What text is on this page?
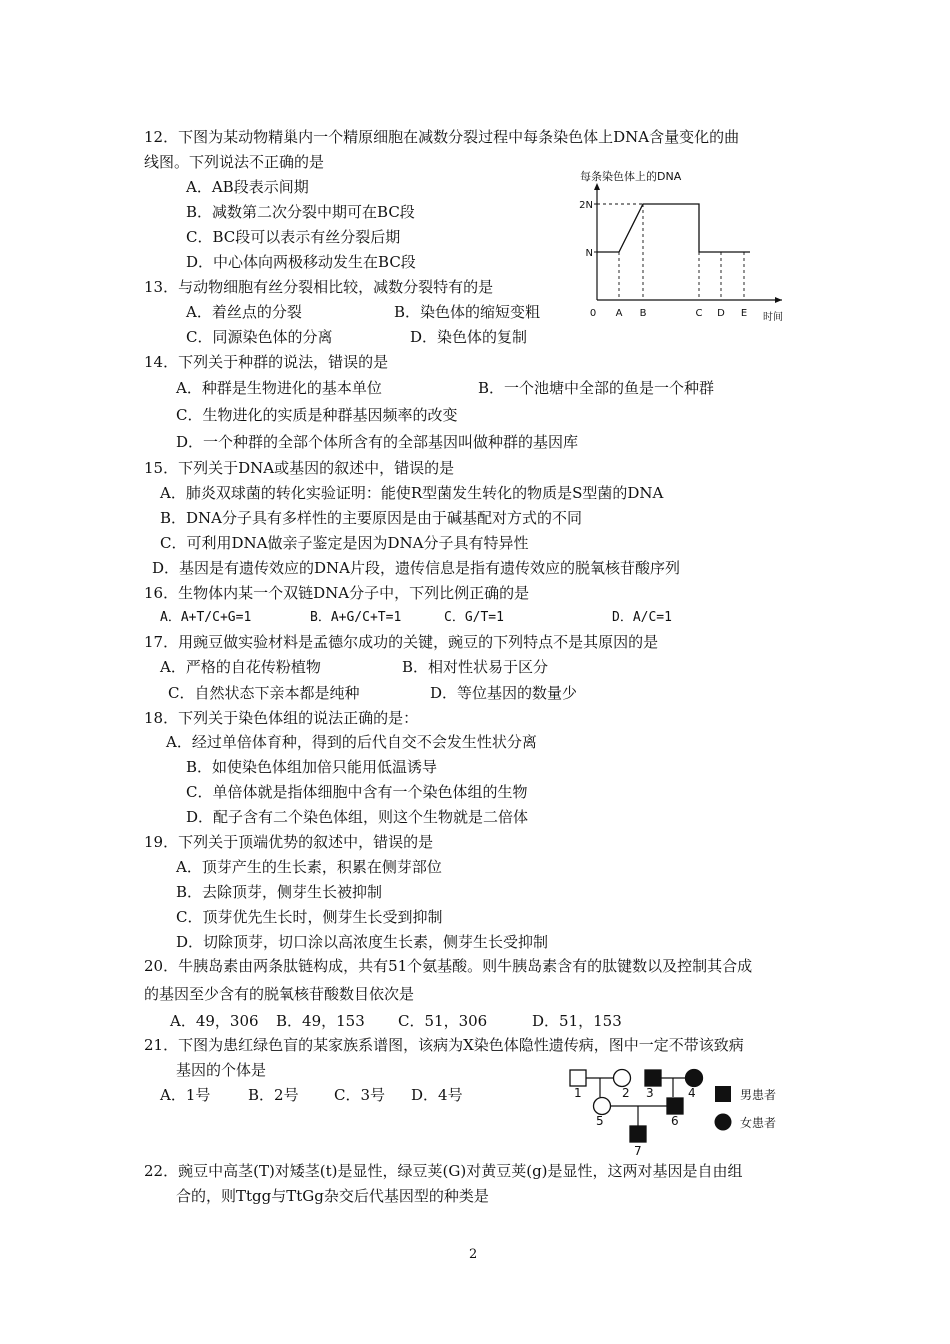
12．下图为某动物精巢内一个精原细胞在减数分裂过程中每条染色体上DNA含量变化的曲
线图。下列说法不正确的是
A．AB段表示间期
B．减数第二次分裂中期可在BC段
C．BC段可以表示有丝分裂后期
D．中心体向两极移动发生在BC段
每条染色体上的DNA
N
2N
0 A B	C D E 时间
13．与动物细胞有丝分裂相比较，减数分裂特有的是
A．着丝点的分裂	B．染色体的缩短变粗
C．同源染色体的分离	D．染色体的复制
14．下列关于种群的说法，错误的是
A．种群是生物进化的基本单位	B．一个池塘中全部的鱼是一个种群
C．生物进化的实质是种群基因频率的改变
D．一个种群的全部个体所含有的全部基因叫做种群的基因库
15．下列关于DNA或基因的叙述中，错误的是
A．肺炎双球菌的转化实验证明：能使R型菌发生转化的物质是S型菌的DNA
B．DNA分子具有多样性的主要原因是由于碱基配对方式的不同
C．可利用DNA做亲子鉴定是因为DNA分子具有特异性
D．基因是有遗传效应的DNA片段，遗传信息是指有遗传效应的脱氧核苷酸序列
16．生物体内某一个双链DNA分子中，下列比例正确的是
A．A+T/C+G=1	B．A+G/C+T=1	C．G/T=1	D．A/C=1
17．用豌豆做实验材料是孟德尔成功的关键，豌豆的下列特点不是其原因的是
A．严格的自花传粉植物	B．相对性状易于区分
C．自然状态下亲本都是纯种	D．等位基因的数量少
18．下列关于染色体组的说法正确的是：
A．经过单倍体育种，得到的后代自交不会发生性状分离
B．如使染色体组加倍只能用低温诱导
C．单倍体就是指体细胞中含有一个染色体组的生物
D．配子含有二个染色体组，则这个生物就是二倍体
19．下列关于顶端优势的叙述中，错误的是
A．顶芽产生的生长素，积累在侧芽部位
B．去除顶芽，侧芽生长被抑制
C．顶芽优先生长时，侧芽生长受到抑制
D．切除顶芽，切口涂以高浓度生长素，侧芽生长受抑制
20．牛胰岛素由两条肽链构成，共有51个氨基酸。则牛胰岛素含有的肽键数以及控制其合成
的基因至少含有的脱氧核苷酸数目依次是
A．49，306 B．49，153 C．51，306	D．51，153
21．下图为患红绿色盲的某家族系谱图，该病为X染色体隐性遗传病，图中一定不带该致病
基因的个体是
A．1号	B．2号 C．3号 D．4号	1	2 3	4
5	6
7
男患者
女患者
22．豌豆中高茎(T)对矮茎(t)是显性，绿豆荚(G)对黄豆荚(g)是显性，这两对基因是自由组
合的，则Ttgg与TtGg杂交后代基因型的种类是
2
